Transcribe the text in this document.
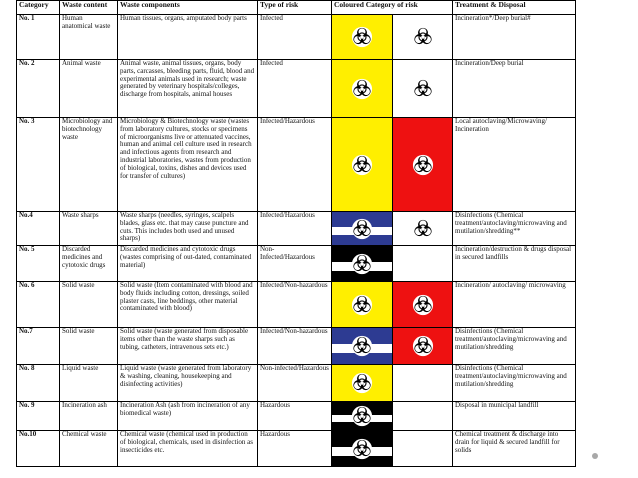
Category	Waste content	Waste components	Type of risk	Coloured Category of risk		Treatment & Disposal
No. 1	Human anatomical waste	Human tissues, organs, amputated body parts	Infected			Incineration*/Deep burial#
No. 2	Animal waste	Animal waste, animal tissues, organs, body parts, carcasses, bleeding parts, fluid, blood and experimental animals used in research; waste generated by veterinary hospitals/colleges, discharge from hospitals, animal houses	Infected			Incineration/Deep burial
No. 3	Microbiology and biotechnology waste	Microbiology & Biotechnology waste (wastes from laboratory cultures, stocks or specimens of microorganisms live or attenuated vaccines, human and animal cell culture used in research and infectious agents from research and industrial laboratories, wastes from production of biological, toxins, dishes and devices used for transfer of cultures)	Infected/Hazardous			Local autoclaving/Microwaving/ Incineration
No.4	Waste sharps	Waste sharps (needles, syringes, scalpels blades, glass etc. that may cause puncture and cuts. This includes both used and unused sharps)	Infected/Hazardous			Disinfections (Chemical treatment/autoclaving/microwaving and mutilation/shredding**
No. 5	Discarded medicines and cytotoxic drugs	Discarded medicines and cytotoxic drugs (wastes comprising of out-dated, contaminated material)	Non-Infected/Hazardous			Incineration/destruction & drugs disposal in secured landfills
No. 6	Solid waste	Solid waste (Item contaminated with blood and body fluids including cotton, dressings, soiled plaster casts, line beddings, other material contaminated with blood)	Infected/Non-hazardous			Incineration/ autoclaving/ microwaving
No.7	Solid waste	Solid waste (waste generated from disposable items other than the waste sharps such as tubing, catheters, intravenous sets etc.)	Infected/Non-hazardous			Disinfections (Chemical treatment/autoclaving/microwaving and mutilation/shredding
No. 8	Liquid waste	Liquid waste (waste generated from laboratory & washing, cleaning, housekeeping and disinfecting activities)	Non-infected/Hazardous			Disinfections (Chemical treatment/autoclaving/microwaving and mutilation/shredding
No. 9	Incineration ash	Incineration Ash (ash from incineration of any biomedical waste)	Hazardous			Disposal in municipal landfill
No.10	Chemical waste	Chemical waste (chemical used in production of biological, chemicals, used in disinfection as insecticides etc.	Hazardous			Chemical treatment & discharge into drain for liquid & secured landfill for solids
